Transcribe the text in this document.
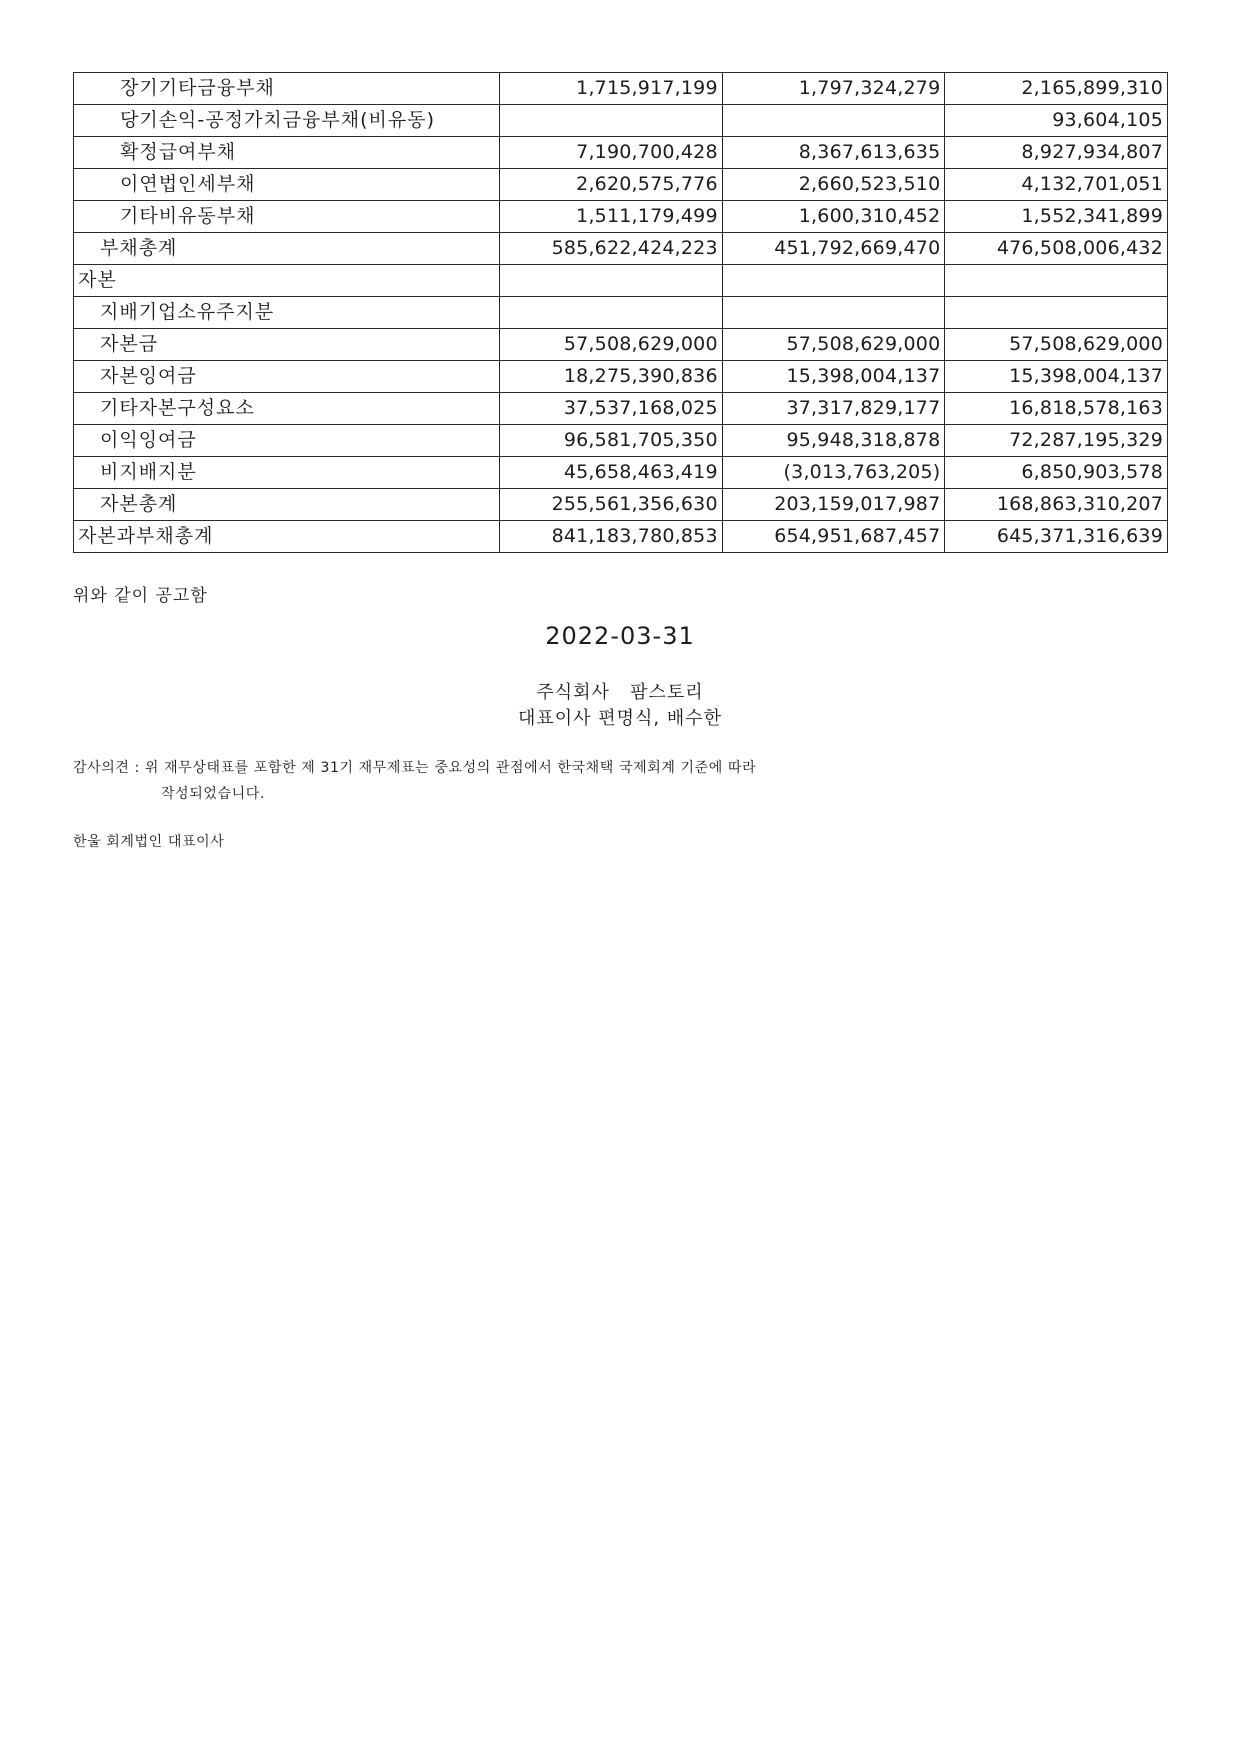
장기기타금융부채	1,715,917,199	1,797,324,279	2,165,899,310
당기손익-공정가치금융부채(비유동)			93,604,105
확정급여부채	7,190,700,428	8,367,613,635	8,927,934,807
이연법인세부채	2,620,575,776	2,660,523,510	4,132,701,051
기타비유동부채	1,511,179,499	1,600,310,452	1,552,341,899
부채총계	585,622,424,223	451,792,669,470	476,508,006,432
자본			
지배기업소유주지분			
자본금	57,508,629,000	57,508,629,000	57,508,629,000
자본잉여금	18,275,390,836	15,398,004,137	15,398,004,137
기타자본구성요소	37,537,168,025	37,317,829,177	16,818,578,163
이익잉여금	96,581,705,350	95,948,318,878	72,287,195,329
비지배지분	45,658,463,419	(3,013,763,205)	6,850,903,578
자본총계	255,561,356,630	203,159,017,987	168,863,310,207
자본과부채총계	841,183,780,853	654,951,687,457	645,371,316,639
위와 같이 공고함
2022-03-31
주식회사   팜스토리
대표이사 편명식, 배수한
감사의견 : 위 재무상태표를 포함한 제 31기 재무제표는 중요성의 관점에서 한국채택 국제회계 기준에 따라
작성되었습니다.
한울 회계법인 대표이사
